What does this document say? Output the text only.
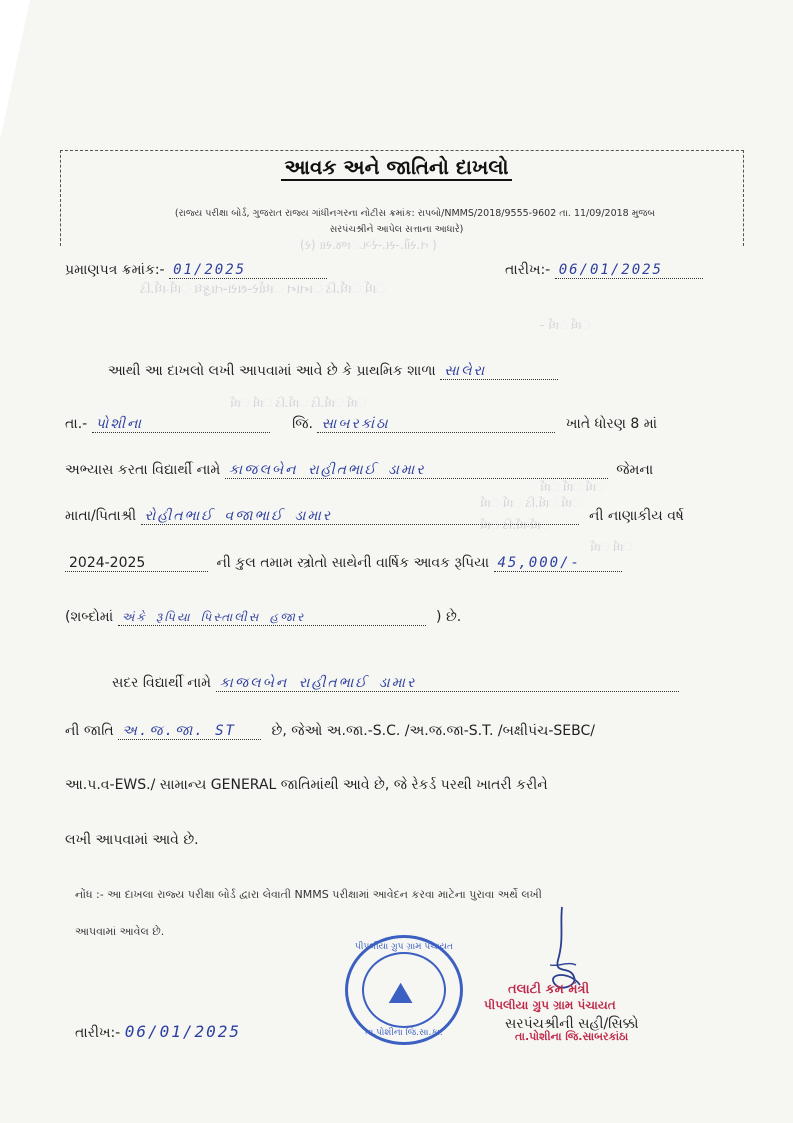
( ત.સૌ.-સ.-રંગ.ાજ.સા (ર)
ાર્ધ ાર્ધ.ડિ ાનાન ાર્ધાર-થરા-તાકુધ ાર્ધ-ાર્ધ.ડિ
ાર્ધ ાર્ધ -
ાર્ધ ાર્ધ.ડિ ાર્ધ.ડિ ાર્ધ ાર્ધ
ાર્ધ ાર્ધ ાર્ધ
ાર્ધ ાર્ધ.ડિ ાર્ધ ાર્ધ
ાર્ધ-ાર્ધ.ડિ ાર્ધ
ાર્ધ ાર્ધ
આવક અને જાતિનો દાખલો
(રાજ્ય પરીક્ષા બોર્ડ, ગુજરાત રાજ્ય ગાંધીનગરના નોટીસ ક્રમાંક: રાપબો/NMMS/2018/9555-9602 તા. 11/09/2018 મુજબ
સરપંચશ્રીને આપેલ સત્તાના આધારે)
પ્રમાણપત્ર ક્રમાંક:- 01/2025	તારીખ:- 06/01/2025
આથી આ દાખલો લખી આપવામાં આવે છે કે પ્રાથમિક શાળા સાલેરા
તા.- પોશીના	જિ. સાબરકાંઠા	ખાતે ધોરણ 8 માં
અભ્યાસ કરતા વિદ્યાર્થી નામે કાજલબેન રાહીતભાઈ ડામાર	જેમના
માતા/પિતાશ્રી રોહીતભાઈ વજાભાઈ ડામાર	ની નાણાકીય વર્ષ
2024-2025	ની કુલ તમામ સ્ત્રોતો સાથેની વાર્ષિક આવક રૂપિયા 45,000/-
(શબ્દોમાં અંકે રૂપિયા પિસ્તાલીસ હજાર	) છે.
સદર વિદ્યાર્થી નામે કાજલબેન રાહીતભાઈ ડામાર
ની જાતિ અ.જ.જા. ST	છે, જેઓ અ.જા.-S.C. /અ.જ.જા-S.T. /બક્ષીપંચ-SEBC/
આ.પ.વ-EWS./ સામાન્ય GENERAL જાતિમાંથી આવે છે, જે રેકર્ડ પરથી ખાતરી કરીને
લખી આપવામાં આવે છે.
નોંધ :- આ દાખલા રાજ્ય પરીક્ષા બોર્ડ દ્વારા લેવાતી NMMS પરીક્ષામાં આવેદન કરવા માટેના પુરાવા અર્થે લખી
આપવામાં આવેલ છે.
પીપલીયા ગ્રુપ ગ્રામ પંચાયત
⛰
તા.પોશીના જિ.સા.કા.
તલાટી કમ મંત્રી
પીપલીયા ગ્રુપ ગ્રામ પંચાયત
તા.પોશીના જિ.સાબરકાંઠા
તારીખ:- 06/01/2025	સરપંચશ્રીની સહી/સિક્કો
